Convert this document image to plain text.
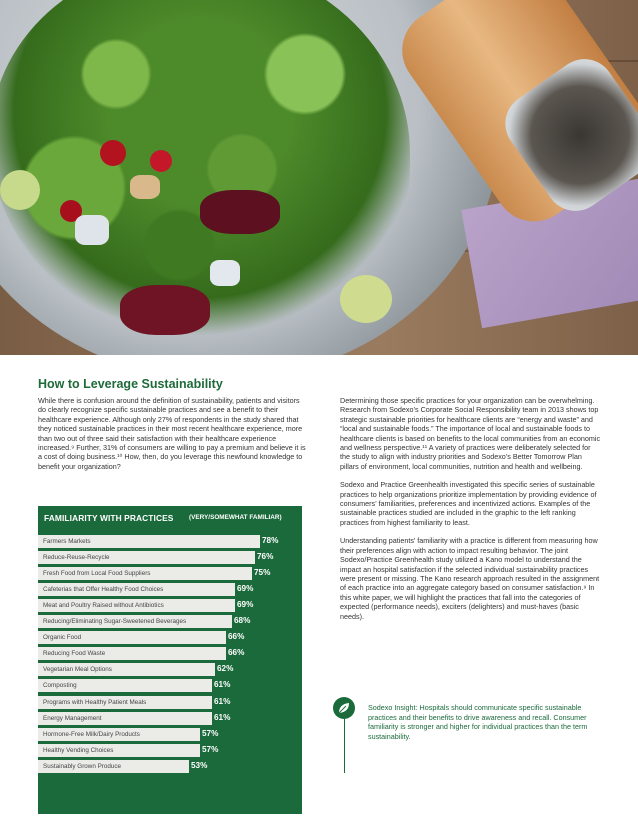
How to Leverage Sustainability

While there is confusion around the definition of sustainability, patients and visitors do clearly recognize specific sustainable practices and see a benefit to their healthcare experience. Although only 27% of respondents in the study shared that they noticed sustainable practices in their most recent healthcare experience, more than two out of three said their satisfaction with their healthcare experience increased.⁹ Further, 31% of consumers are willing to pay a premium and believe it is a cost of doing business.¹⁰ How, then, do you leverage this newfound knowledge to benefit your organization?

Determining those specific practices for your organization can be overwhelming. Research from Sodexo’s Corporate Social Responsibility team in 2013 shows top strategic sustainable priorities for healthcare clients are “energy and waste” and “local and sustainable foods.” The importance of local and sustainable foods to healthcare clients is based on benefits to the local communities from an economic and wellness perspective.¹¹ A variety of practices were deliberately selected for the study to align with industry priorities and Sodexo’s Better Tomorrow Plan pillars of environment, local communities, nutrition and health and wellbeing.

Sodexo and Practice Greenhealth investigated this specific series of sustainable practices to help organizations prioritize implementation by providing evidence of consumers’ familiarities, preferences and incentivized actions. Examples of the sustainable practices studied are included in the graphic to the left ranking practices from highest familiarity to least.

Understanding patients’ familiarity with a practice is different from measuring how their preferences align with action to impact resulting behavior. The joint Sodexo/Practice Greenhealth study utilized a Kano model to understand the impact an hospital satisfaction if the selected individual sustainability practices were present or missing. The Kano research approach resulted in the assignment of each practice into an aggregate category based on consumer satisfaction.⁹ In this white paper, we will highlight the practices that fall into the categories of expected (performance needs), exciters (delighters) and must-haves (basic needs).

FAMILIARITY WITH PRACTICES (VERY/SOMEWHAT FAMILIAR)
Farmers Markets	78%
Reduce-Reuse-Recycle	76%
Fresh Food from Local Food Suppliers	75%
Cafeterias that Offer Healthy Food Choices	69%
Meat and Poultry Raised without Antibiotics	69%
Reducing/Eliminating Sugar-Sweetened Beverages	68%
Organic Food	66%
Reducing Food Waste	66%
Vegetarian Meal Options	62%
Composting	61%
Programs with Healthy Patient Meals	61%
Energy Management	61%
Hormone-Free Milk/Dairy Products	57%
Healthy Vending Choices	57%
Sustainably Grown Produce	53%
Sodexo Insight: Hospitals should communicate specific sustainable practices and their benefits to drive awareness and recall. Consumer familiarity is stronger and higher for individual practices than the term sustainability.
